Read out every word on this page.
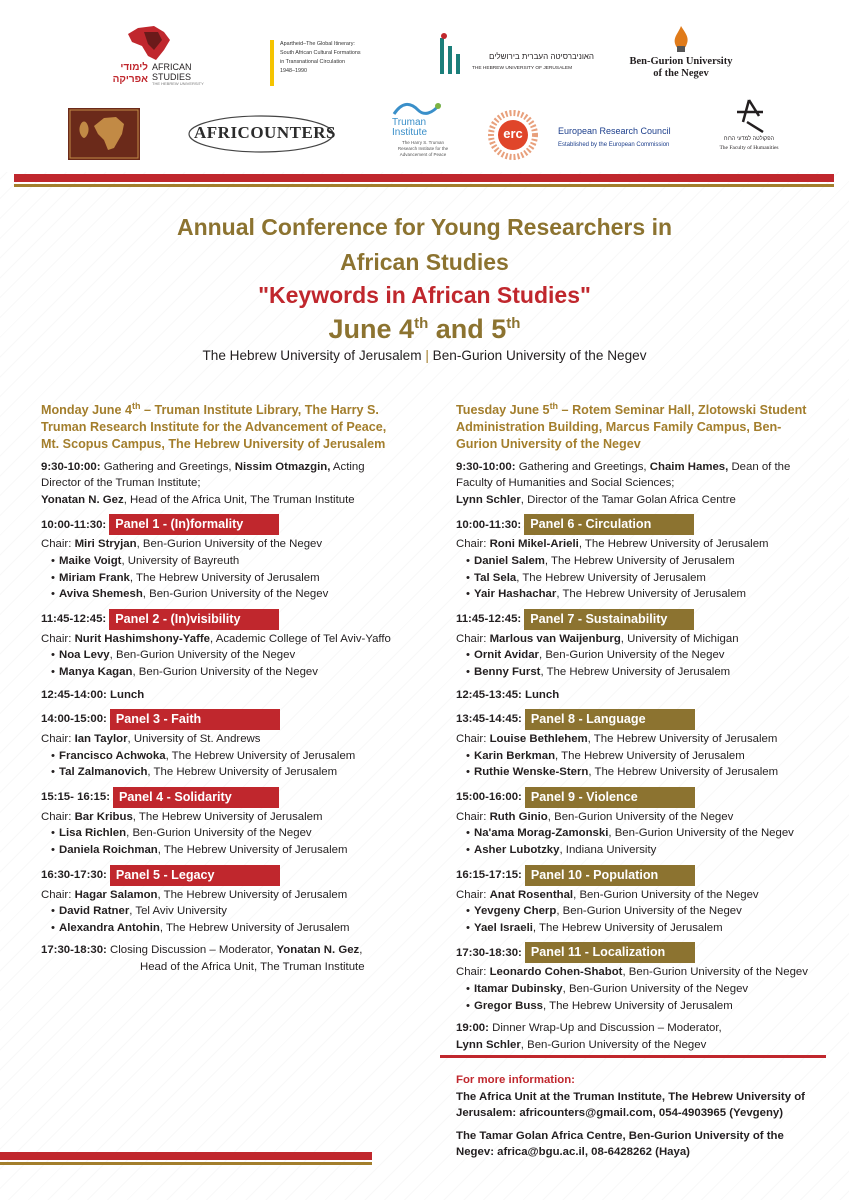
לימודי אפריקה
AFRICAN STUDIES
THE HEBREW UNIVERSITY
Apartheid–The Global Itinerary:
South African Cultural Formations
in Transnational Circulation
1948–1990
האוניברסיטה העברית בירושלים
THE HEBREW UNIVERSITY OF JERUSALEM
Ben-Gurion University
of the Negev
AFRICOUNTERS
Truman
Institute
The Harry S. Truman
Research Institute for the
Advancement of Peace
erc	European Research Council
Established by the European Commission
הפקולטה למדעי הרוח
The Faculty of Humanities
Annual Conference for Young Researchers in
African Studies
"Keywords in African Studies"
June 4th and 5th
The Hebrew University of Jerusalem | Ben-Gurion University of the Negev
Monday June 4th – Truman Institute Library, The Harry S. Truman Research Institute for the Advancement of Peace, Mt. Scopus Campus, The Hebrew University of Jerusalem

9:30-10:00: Gathering and Greetings, Nissim Otmazgin, Acting Director of the Truman Institute;

Yonatan N. Gez, Head of the Africa Unit, The Truman Institute

10:00-11:30: Panel 1 - (In)formality

Chair: Miri Stryjan, Ben-Gurion University of the Negev

• Maike Voigt, University of Bayreuth

• Miriam Frank, The Hebrew University of Jerusalem

• Aviva Shemesh, Ben-Gurion University of the Negev

11:45-12:45: Panel 2 - (In)visibility

Chair: Nurit Hashimshony-Yaffe, Academic College of Tel Aviv-Yaffo

• Noa Levy, Ben-Gurion University of the Negev

• Manya Kagan, Ben-Gurion University of the Negev

12:45-14:00: Lunch

14:00-15:00: Panel 3 - Faith

Chair: Ian Taylor, University of St. Andrews

• Francisco Achwoka, The Hebrew University of Jerusalem

• Tal Zalmanovich, The Hebrew University of Jerusalem

15:15- 16:15: Panel 4 - Solidarity

Chair: Bar Kribus, The Hebrew University of Jerusalem

• Lisa Richlen, Ben-Gurion University of the Negev

• Daniela Roichman, The Hebrew University of Jerusalem

16:30-17:30: Panel 5 - Legacy

Chair: Hagar Salamon, The Hebrew University of Jerusalem

• David Ratner, Tel Aviv University

• Alexandra Antohin, The Hebrew University of Jerusalem

17:30-18:30: Closing Discussion – Moderator, Yonatan N. Gez,

Head of the Africa Unit, The Truman Institute

Tuesday June 5th – Rotem Seminar Hall, Zlotowski Student Administration Building, Marcus Family Campus, Ben-Gurion University of the Negev

9:30-10:00: Gathering and Greetings, Chaim Hames, Dean of the Faculty of Humanities and Social Sciences;

Lynn Schler, Director of the Tamar Golan Africa Centre

10:00-11:30: Panel 6 - Circulation

Chair: Roni Mikel-Arieli, The Hebrew University of Jerusalem

• Daniel Salem, The Hebrew University of Jerusalem

• Tal Sela, The Hebrew University of Jerusalem

• Yair Hashachar, The Hebrew University of Jerusalem

11:45-12:45: Panel 7 - Sustainability

Chair: Marlous van Waijenburg, University of Michigan

• Ornit Avidar, Ben-Gurion University of the Negev

• Benny Furst, The Hebrew University of Jerusalem

12:45-13:45: Lunch

13:45-14:45: Panel 8 - Language

Chair: Louise Bethlehem, The Hebrew University of Jerusalem

• Karin Berkman, The Hebrew University of Jerusalem

• Ruthie Wenske-Stern, The Hebrew University of Jerusalem

15:00-16:00: Panel 9 - Violence

Chair: Ruth Ginio, Ben-Gurion University of the Negev

• Na'ama Morag-Zamonski, Ben-Gurion University of the Negev

• Asher Lubotzky, Indiana University

16:15-17:15: Panel 10 - Population

Chair: Anat Rosenthal, Ben-Gurion University of the Negev

• Yevgeny Cherp, Ben-Gurion University of the Negev

• Yael Israeli, The Hebrew University of Jerusalem

17:30-18:30: Panel 11 - Localization

Chair: Leonardo Cohen-Shabot, Ben-Gurion University of the Negev

• Itamar Dubinsky, Ben-Gurion University of the Negev

• Gregor Buss, The Hebrew University of Jerusalem

19:00: Dinner Wrap-Up and Discussion – Moderator,

Lynn Schler, Ben-Gurion University of the Negev

For more information:

The Africa Unit at the Truman Institute, The Hebrew University of Jerusalem: africounters@gmail.com, 054-4903965 (Yevgeny)

The Tamar Golan Africa Centre, Ben-Gurion University of the Negev: africa@bgu.ac.il, 08-6428262 (Haya)
